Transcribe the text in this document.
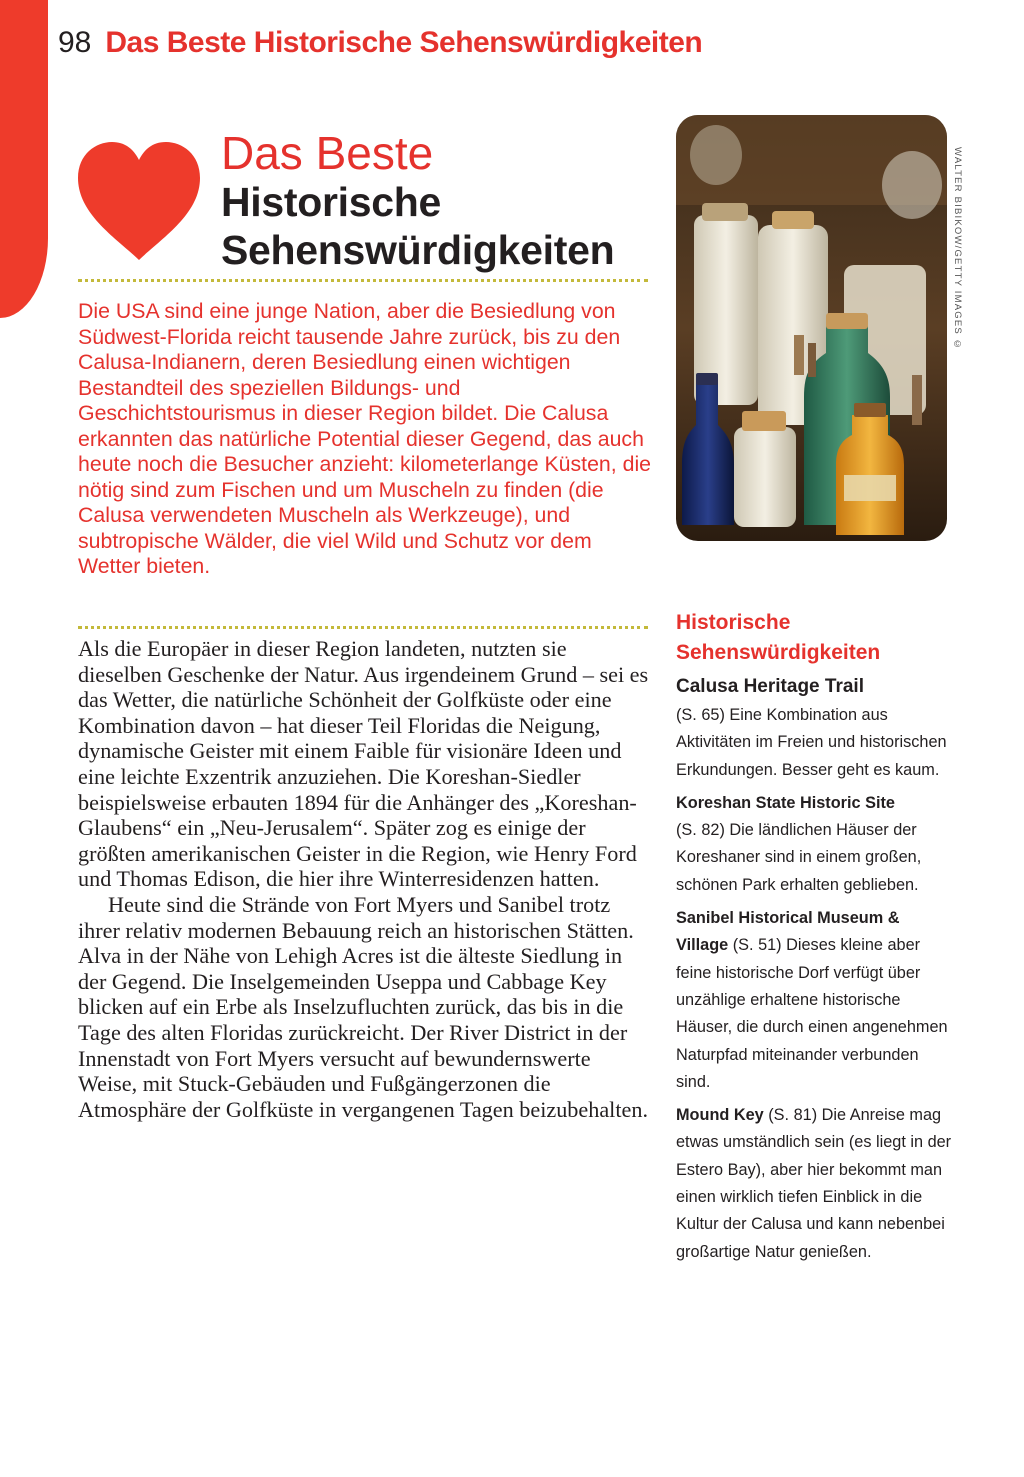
98 Das Beste Historische Sehenswürdigkeiten
Das Beste
Historische
Sehenswürdigkeiten
Die USA sind eine junge Nation, aber die Besiedlung von Südwest-Florida reicht tausende Jahre zurück, bis zu den Calusa-Indianern, deren Besiedlung einen wichtigen Bestandteil des speziellen Bildungs- und Geschichtstourismus in dieser Region bildet. Die Calusa erkannten das natürliche Potential dieser Gegend, das auch heute noch die Besucher anzieht: kilometerlange Küsten, die nötig sind zum Fischen und um Muscheln zu finden (die Calusa verwendeten Muscheln als Werkzeuge), und subtropische Wälder, die viel Wild und Schutz vor dem Wetter bieten.

Als die Europäer in dieser Region landeten, nutzten sie dieselben Geschenke der Natur. Aus irgendeinem Grund – sei es das Wetter, die natürliche Schönheit der Golfküste oder eine Kombination davon – hat dieser Teil Floridas die Neigung, dynamische Geister mit einem Faible für visionäre Ideen und eine leichte Exzentrik anzuziehen. Die Koreshan-Siedler beispielsweise erbauten 1894 für die Anhänger des „Koreshan-Glaubens“ ein „Neu-Jerusalem“. Später zog es einige der größten amerikanischen Geister in die Region, wie Henry Ford und Thomas Edison, die hier ihre Winterresidenzen hatten.

Heute sind die Strände von Fort Myers und Sanibel trotz ihrer relativ modernen Bebauung reich an historischen Stätten. Alva in der Nähe von Lehigh Acres ist die älteste Siedlung in der Gegend. Die Inselgemeinden Useppa und Cabbage Key blicken auf ein Erbe als Inselzufluchten zurück, das bis in die Tage des alten Floridas zurückreicht. Der River District in der Innenstadt von Fort Myers versucht auf bewundernswerte Weise, mit Stuck-Gebäuden und Fußgängerzonen die Atmosphäre der Golfküste in vergangenen Tagen beizubehalten.

WALTER BIBIKOW/GETTY IMAGES ©
Historische Sehenswürdigkeiten
Calusa Heritage Trail
(S. 65) Eine Kombination aus Aktivitäten im Freien und historischen Erkundungen. Besser geht es kaum.
Koreshan State Historic Site
(S. 82) Die ländlichen Häuser der Koreshaner sind in einem großen, schönen Park erhalten geblieben.
Sanibel Historical Museum & Village (S. 51) Dieses kleine aber feine historische Dorf verfügt über unzählige erhaltene historische Häuser, die durch einen angenehmen Naturpfad miteinander verbunden sind.
Mound Key (S. 81) Die Anreise mag etwas umständlich sein (es liegt in der Estero Bay), aber hier bekommt man einen wirklich tiefen Einblick in die Kultur der Calusa und kann nebenbei großartige Natur genießen.
